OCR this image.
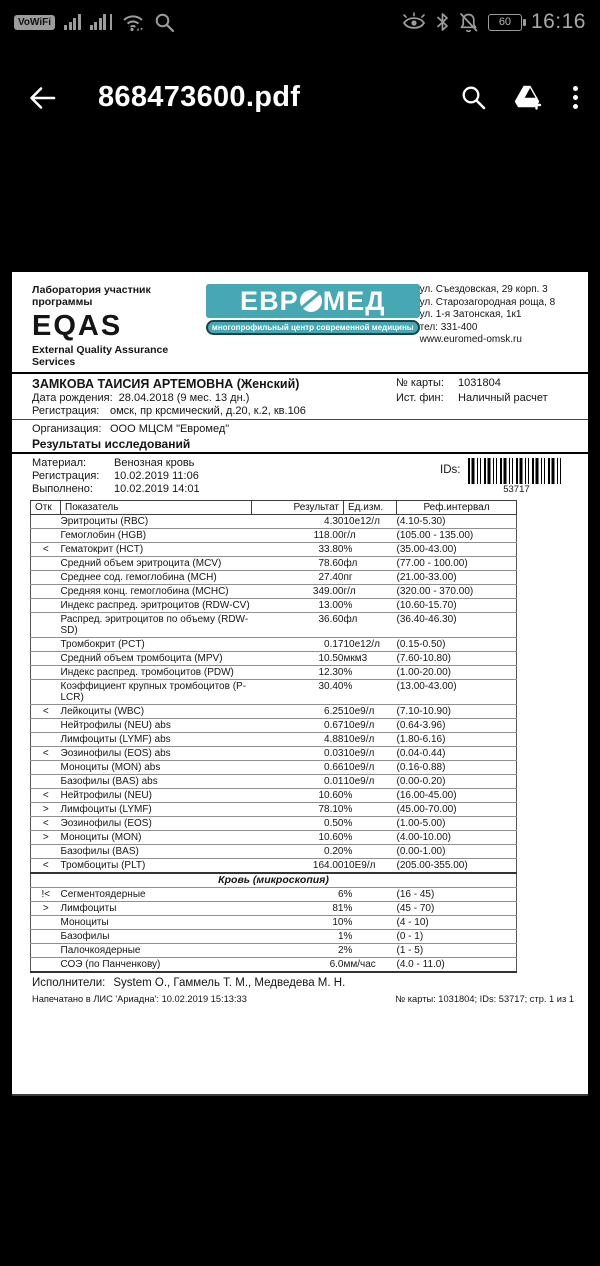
VoWiFi	60 16:16
868473600.pdf
Лаборатория участник программы
EQAS
External Quality Assurance Services
ЕВР МЕД
многопрофильный центр современной медицины
ул. Съездовская, 29 корп. 3
ул. Старозагородная роща, 8
ул. 1-я Затонская, 1к1
тел: 331-400
www.euromed-omsk.ru
ЗАМКОВА ТАИСИЯ АРТЕМОВНА (Женский)	№ карты:	1031804
Дата рождения: 28.04.2018 (9 мес. 13 дн.)	Ист. фин:	Наличный расчет
Регистрация: омск, пр крсмический, д.20, к.2, кв.106
Организация: ООО МЦСМ "Евромед"
Результаты исследований
Материал:	Венозная кровь
Регистрация:	10.02.2019 11:06
Выполнено:	10.02.2019 14:01
IDs:
53717
Отк	Показатель	Результат	Ед.изм.	Реф.интервал
	Эритроциты (RBC)	4.30	10e12/л	(4.10-5.30)
	Гемоглобин (HGB)	118.00	г/л	(105.00 - 135.00)
<	Гематокрит (HCT)	33.80	%	(35.00-43.00)
	Средний объем эритроцита (MCV)	78.60	фл	(77.00 - 100.00)
	Среднее сод. гемоглобина (MCH)	27.40	пг	(21.00-33.00)
	Средняя конц. гемоглобина (MCHC)	349.00	г/л	(320.00 - 370.00)
	Индекс распред. эритроцитов (RDW-CV)	13.00	%	(10.60-15.70)
	Распред. эритроцитов по объему (RDW-SD)	36.60	фл	(36.40-46.30)
	Тромбокрит (PCT)	0.17	10e12/л	(0.15-0.50)
	Средний объем тромбоцита (MPV)	10.50	мкм3	(7.60-10.80)
	Индекс распред. тромбоцитов (PDW)	12.30	%	(1.00-20.00)
	Коэффициент крупных тромбоцитов (P-LCR)	30.40	%	(13.00-43.00)
<	Лейкоциты (WBC)	6.25	10e9/л	(7.10-10.90)
	Нейтрофилы (NEU) abs	0.67	10e9/л	(0.64-3.96)
	Лимфоциты (LYMF) abs	4.88	10e9/л	(1.80-6.16)
<	Эозинофилы (EOS) abs	0.03	10e9/л	(0.04-0.44)
	Моноциты (MON) abs	0.66	10e9/л	(0.16-0.88)
	Базофилы (BAS) abs	0.01	10e9/л	(0.00-0.20)
<	Нейтрофилы (NEU)	10.60	%	(16.00-45.00)
>	Лимфоциты (LYMF)	78.10	%	(45.00-70.00)
<	Эозинофилы (EOS)	0.50	%	(1.00-5.00)
>	Моноциты (MON)	10.60	%	(4.00-10.00)
	Базофилы (BAS)	0.20	%	(0.00-1.00)
<	Тромбоциты (PLT)	164.00	10E9/л	(205.00-355.00)
Кровь (микроскопия)				
!<	Сегментоядерные	6	%	(16 - 45)
>	Лимфоциты	81	%	(45 - 70)
	Моноциты	10	%	(4 - 10)
	Базофилы	1	%	(0 - 1)
	Палочкоядерные	2	%	(1 - 5)
	СОЭ (по Панченкову)	6.0	мм/час	(4.0 - 11.0)
Исполнители: System О., Гаммель Т. М., Медведева М. Н.
Напечатано в ЛИС 'Ариадна': 10.02.2019 15:13:33	№ карты: 1031804; IDs: 53717; стр. 1 из 1
